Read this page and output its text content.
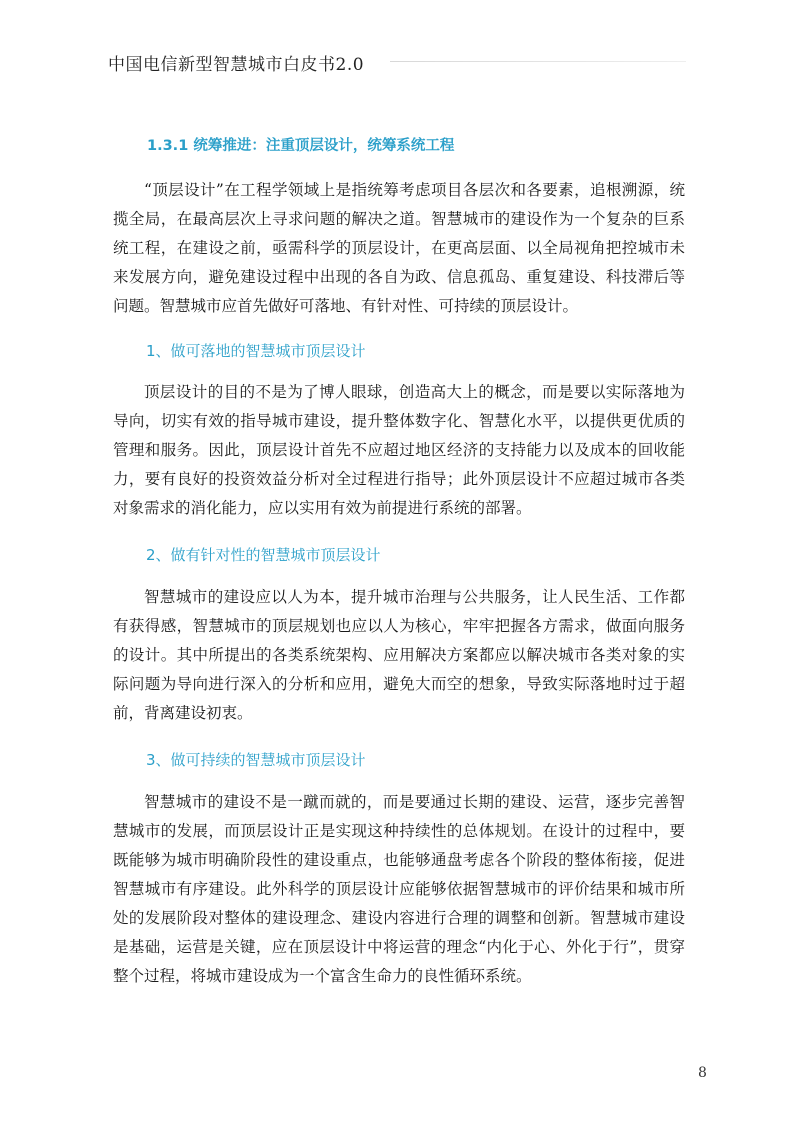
中国电信新型智慧城市白皮书2.0
1.3.1 统筹推进：注重顶层设计，统筹系统工程

“顶层设计”在工程学领域上是指统筹考虑项目各层次和各要素，追根溯源，统揽全局，在最高层次上寻求问题的解决之道。智慧城市的建设作为一个复杂的巨系统工程，在建设之前，亟需科学的顶层设计，在更高层面、以全局视角把控城市未来发展方向，避免建设过程中出现的各自为政、信息孤岛、重复建设、科技滞后等问题。智慧城市应首先做好可落地、有针对性、可持续的顶层设计。

1、做可落地的智慧城市顶层设计

顶层设计的目的不是为了博人眼球，创造高大上的概念，而是要以实际落地为导向，切实有效的指导城市建设，提升整体数字化、智慧化水平，以提供更优质的管理和服务。因此，顶层设计首先不应超过地区经济的支持能力以及成本的回收能力，要有良好的投资效益分析对全过程进行指导；此外顶层设计不应超过城市各类对象需求的消化能力，应以实用有效为前提进行系统的部署。

2、做有针对性的智慧城市顶层设计

智慧城市的建设应以人为本，提升城市治理与公共服务，让人民生活、工作都有获得感，智慧城市的顶层规划也应以人为核心，牢牢把握各方需求，做面向服务的设计。其中所提出的各类系统架构、应用解决方案都应以解决城市各类对象的实际问题为导向进行深入的分析和应用，避免大而空的想象，导致实际落地时过于超前，背离建设初衷。

3、做可持续的智慧城市顶层设计

智慧城市的建设不是一蹴而就的，而是要通过长期的建设、运营，逐步完善智慧城市的发展，而顶层设计正是实现这种持续性的总体规划。在设计的过程中，要既能够为城市明确阶段性的建设重点，也能够通盘考虑各个阶段的整体衔接，促进智慧城市有序建设。此外科学的顶层设计应能够依据智慧城市的评价结果和城市所处的发展阶段对整体的建设理念、建设内容进行合理的调整和创新。智慧城市建设是基础，运营是关键，应在顶层设计中将运营的理念“内化于心、外化于行”，贯穿整个过程，将城市建设成为一个富含生命力的良性循环系统。

8
